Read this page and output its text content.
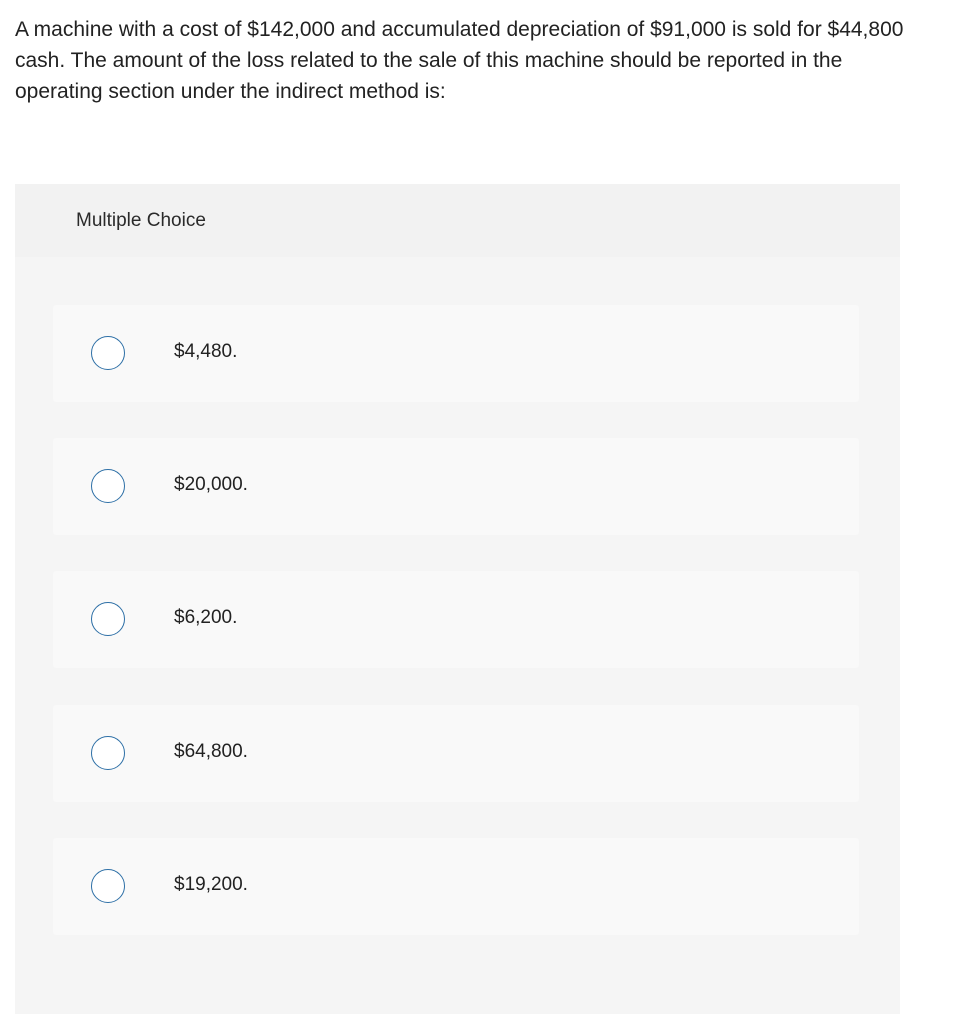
A machine with a cost of $142,000 and accumulated depreciation of $91,000 is sold for $44,800 cash. The amount of the loss related to the sale of this machine should be reported in the operating section under the indirect method is:

Multiple Choice
$4,480.
$20,000.
$6,200.
$64,800.
$19,200.
